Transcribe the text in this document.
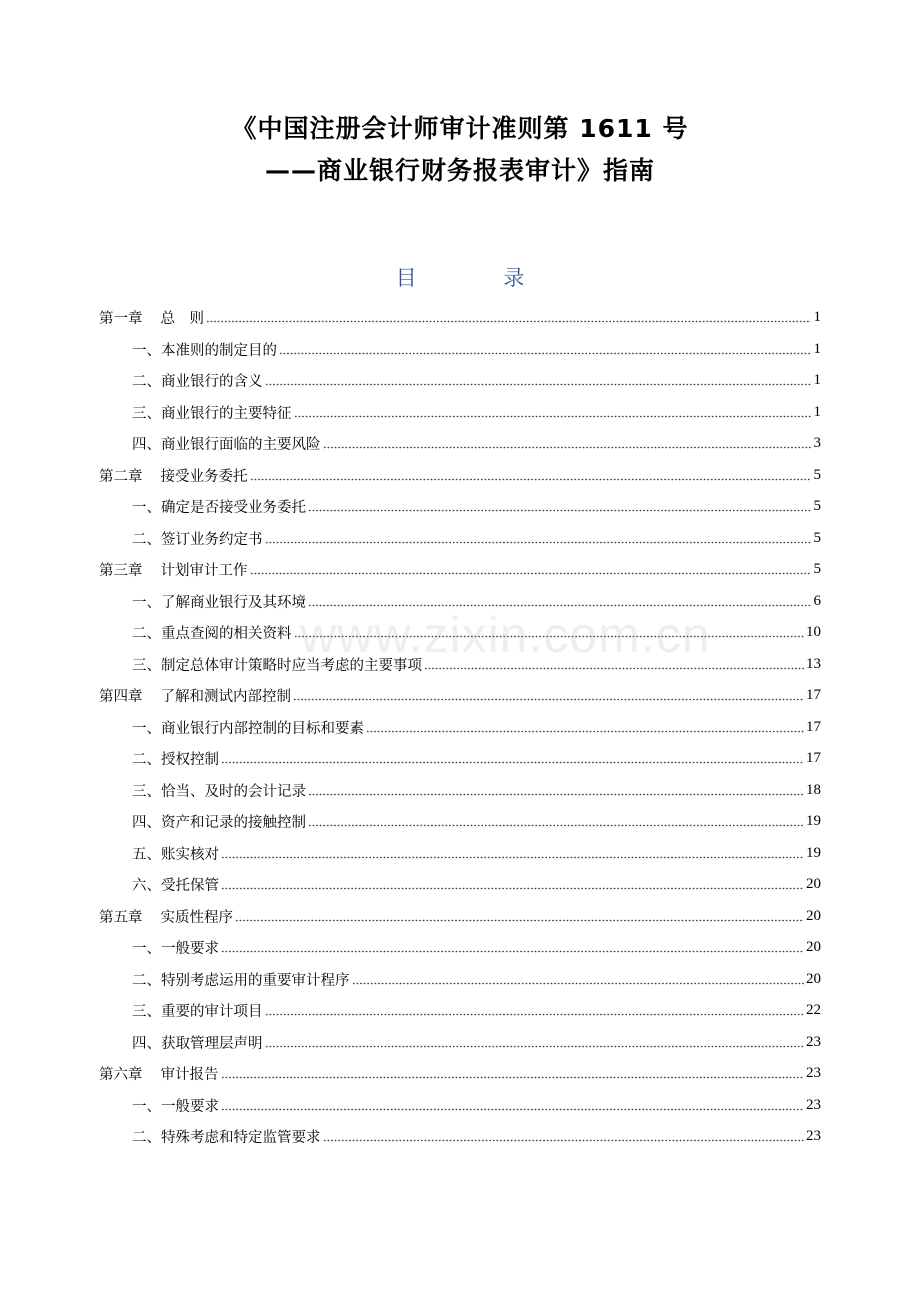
《中国注册会计师审计准则第 1611 号
——商业银行财务报表审计》指南
目 录
第一章 总　则	1
一、本准则的制定目的	1
二、商业银行的含义	1
三、商业银行的主要特征	1
四、商业银行面临的主要风险	3
第二章 接受业务委托	5
一、确定是否接受业务委托	5
二、签订业务约定书	5
第三章 计划审计工作	5
一、了解商业银行及其环境	6
二、重点查阅的相关资料	10
三、制定总体审计策略时应当考虑的主要事项	13
第四章 了解和测试内部控制	17
一、商业银行内部控制的目标和要素	17
二、授权控制	17
三、恰当、及时的会计记录	18
四、资产和记录的接触控制	19
五、账实核对	19
六、受托保管	20
第五章 实质性程序	20
一、一般要求	20
二、特别考虑运用的重要审计程序	20
三、重要的审计项目	22
四、获取管理层声明	23
第六章 审计报告	23
一、一般要求	23
二、特殊考虑和特定监管要求	23
www.zixin.com.cn
